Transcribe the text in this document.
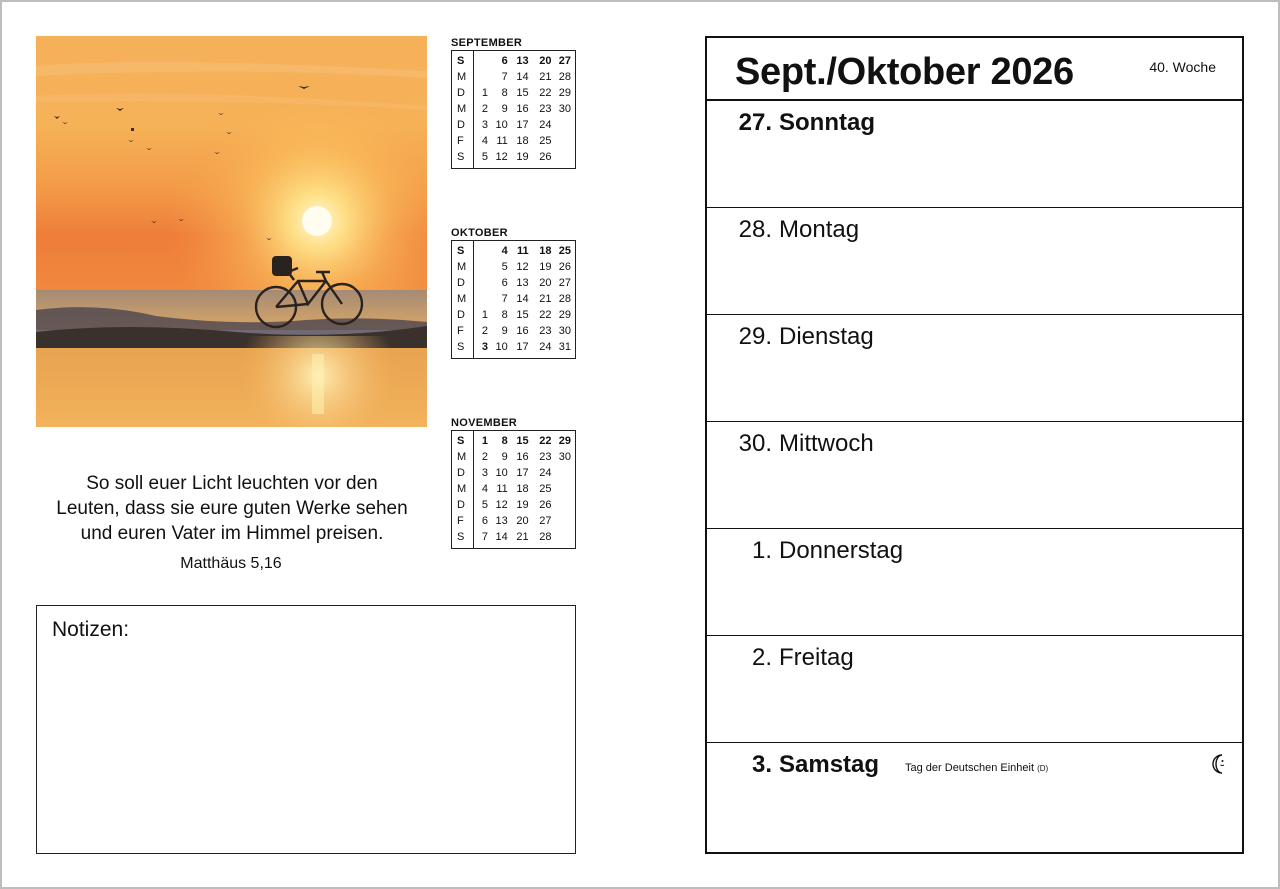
SEPTEMBER
S		6	13	20	27
M		7	14	21	28
D	1	8	15	22	29
M	2	9	16	23	30
D	3	10	17	24	
F	4	11	18	25	
S	5	12	19	26	
OKTOBER
S		4	11	18	25
M		5	12	19	26
D		6	13	20	27
M		7	14	21	28
D	1	8	15	22	29
F	2	9	16	23	30
S	3	10	17	24	31
NOVEMBER
S	1	8	15	22	29
M	2	9	16	23	30
D	3	10	17	24	
M	4	11	18	25	
D	5	12	19	26	
F	6	13	20	27	
S	7	14	21	28	
So soll euer Licht leuchten vor den
Leuten, dass sie eure guten Werke sehen
und euren Vater im Himmel preisen.
Matthäus 5,16
Notizen:
Sept./Oktober 2026	40. Woche
27. Sonntag
28. Montag
29. Dienstag
30. Mittwoch
1. Donnerstag
2. Freitag
3. Samstag Tag der Deutschen Einheit (D)
